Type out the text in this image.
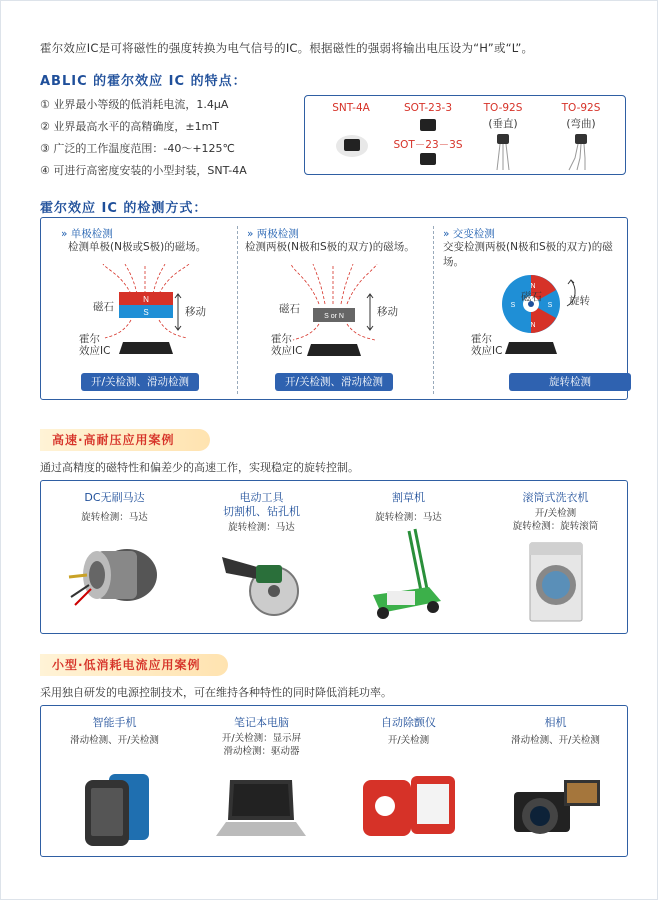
霍尔效应IC是可将磁性的强度转换为电气信号的IC。根据磁性的强弱将输出电压设为“H”或“L”。
ABLIC 的霍尔效应 IC 的特点：
① 业界最小等级的低消耗电流，1.4μA
② 业界最高水平的高精确度，±1mT
③ 广泛的工作温度范围：-40～+125℃
④ 可进行高密度安装的小型封装，SNT-4A
SNT-4A	SOT-23-3
SOT－23－3S
TO-92S
(垂直)
TO-92S
(弯曲)
霍尔效应 IC 的检测方式：
» 单极检测
检测单极(N极或S极)的磁场。
N
S
磁石	移动
霍尔
效应IC
开/关检测、滑动检测
» 两极检测
检测两极(N极和S极的双方)的磁场。
S or N
磁石	移动
霍尔
效应IC
开/关检测、滑动检测
» 交变检测
交变检测两极(N极和S极的双方)的磁场。
N
S	S
N
磁石	旋转
霍尔
效应IC
旋转检测
高速·高耐压应用案例
通过高精度的磁特性和偏差少的高速工作，实现稳定的旋转控制。
DC无刷马达
旋转检测：马达
电动工具
切割机、钻孔机
旋转检测：马达
割草机
旋转检测：马达
滚筒式洗衣机
开/关检测
旋转检测：旋转滚筒
小型·低消耗电流应用案例
采用独自研发的电源控制技术，可在维持各种特性的同时降低消耗功率。
智能手机
滑动检测、开/关检测
笔记本电脑
开/关检测：显示屏
滑动检测：驱动器
自动除颤仪
开/关检测
相机
滑动检测、开/关检测
